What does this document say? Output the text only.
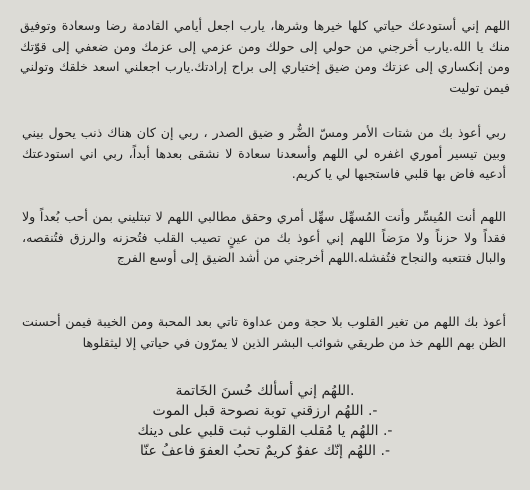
اللهم إني أستودعك حياتي كلها خيرها وشرها، يارب اجعل أيامي القادمة رضا وسعادة وتوفيق منك يا الله.يارب أخرجني من حولي إلى حولك ومن عزمي إلى عزمك ومن ضعفي إلى قوّتك ومن إنكساري إلى عزتك ومن ضيق إختياري إلى براح إرادتك.يارب اجعلني اسعد خلقك وتولني فيمن توليت

ربي أعوذ بك من شتات الأمر ومسّ الضُّر و ضيق الصدر ، ربي إن كان هناك ذنب يحول بيني وبين تيسير أموري اغفره لي اللهم وأسعدنا سعادة لا نشقى بعدها أبداً، ربي اني استودعتك أدعيه فاض بها قلبي فاستجبها لي يا كريم.

اللهم أنت المُيسِّر وأنت المُسهِّل سهِّل أمري وحقق مطالبي اللهم لا تبتليني بمن أحب بُعداً ولا فقداً ولا حزناً ولا مرَضاً اللهم إني أعوذ بك من عينٍ تصيب القلب فتُحزنه والرزق فتُنقصه، والبال فتتعبه والنجاح فتُفشله.اللهم أخرجني من أشد الضيق إلى أوسع الفرج

أعوذ بك اللهم من تغير القلوب بلا حجة ومن عداوة تاتي بعد المحبة ومن الخيبة فيمن أحسنت الظن بهم اللهم خذ من طريقي شوائب البشر الذين لا يمرّون في حياتي إلا ليثقلوها

.اللهُم إني أسألك حُسنَ الخَاتمة
-. اللهُم ارزقني توبة نصوحة قبل الموت
-. اللهُم يا مُقلب القلوب ثبت قلبي على دينك
-. اللهُم إنّك عفوٌ كريمٌ تحبُ العفوَ فاعفُ عنّا
